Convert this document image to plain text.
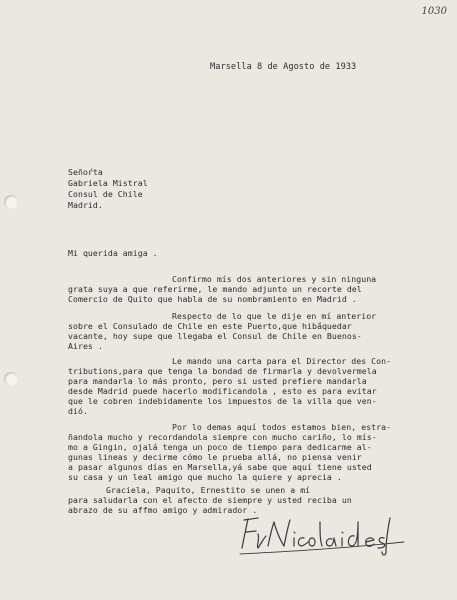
1030
Marsella 8 de Agosto de 1933
Señoŕta
Gabriela Mistral
Consul de Chile
Madrid.
Mi querida amiga .
Confirmo mís dos anteriores y sin ninguna
grata suya a que referirme, le mando adjunto un recorte del
Comercio de Quito que habla de su nombramiento en Madrid .
Respecto de lo que le dije en mí anterior
sobre el Consulado de Chile en este Puerto,que hiba̋quedar
vacante, hoy supe que llegaba el Consul de Chile en Buenos-
Aires .
Le mando una carta para el Director des Con-
tributions,para que tenga la bondad de firmarla y devolvermela
para mandarla lo más pronto, pero si usted prefiere mandarla
desde Madrid puede hacerlo modificandola , esto es para evitar
que le cobren indebidamente los impuestos de la villa que ven-
dió.
Por lo demas aquí todos estamos bien, estra-
ñandola mucho y recordandola siempre con mucho cariño, lo mís-
mo a Gingin, ojalá tenga un poco de tiempo para dedicarme al-
gunas lineas y decirme cómo le prueba allá, no piensa venir
a pasar algunos días en Marsella,yá sabe que aquí tiene usted
su casa y un leal amigo que mucho la quiere y aprecia .
Graciela, Paquito, Ernestito se unen a mí
para saludarla con el afecto de siempre y usted reciba un
abrazo de su affmo amigo y admirador .
